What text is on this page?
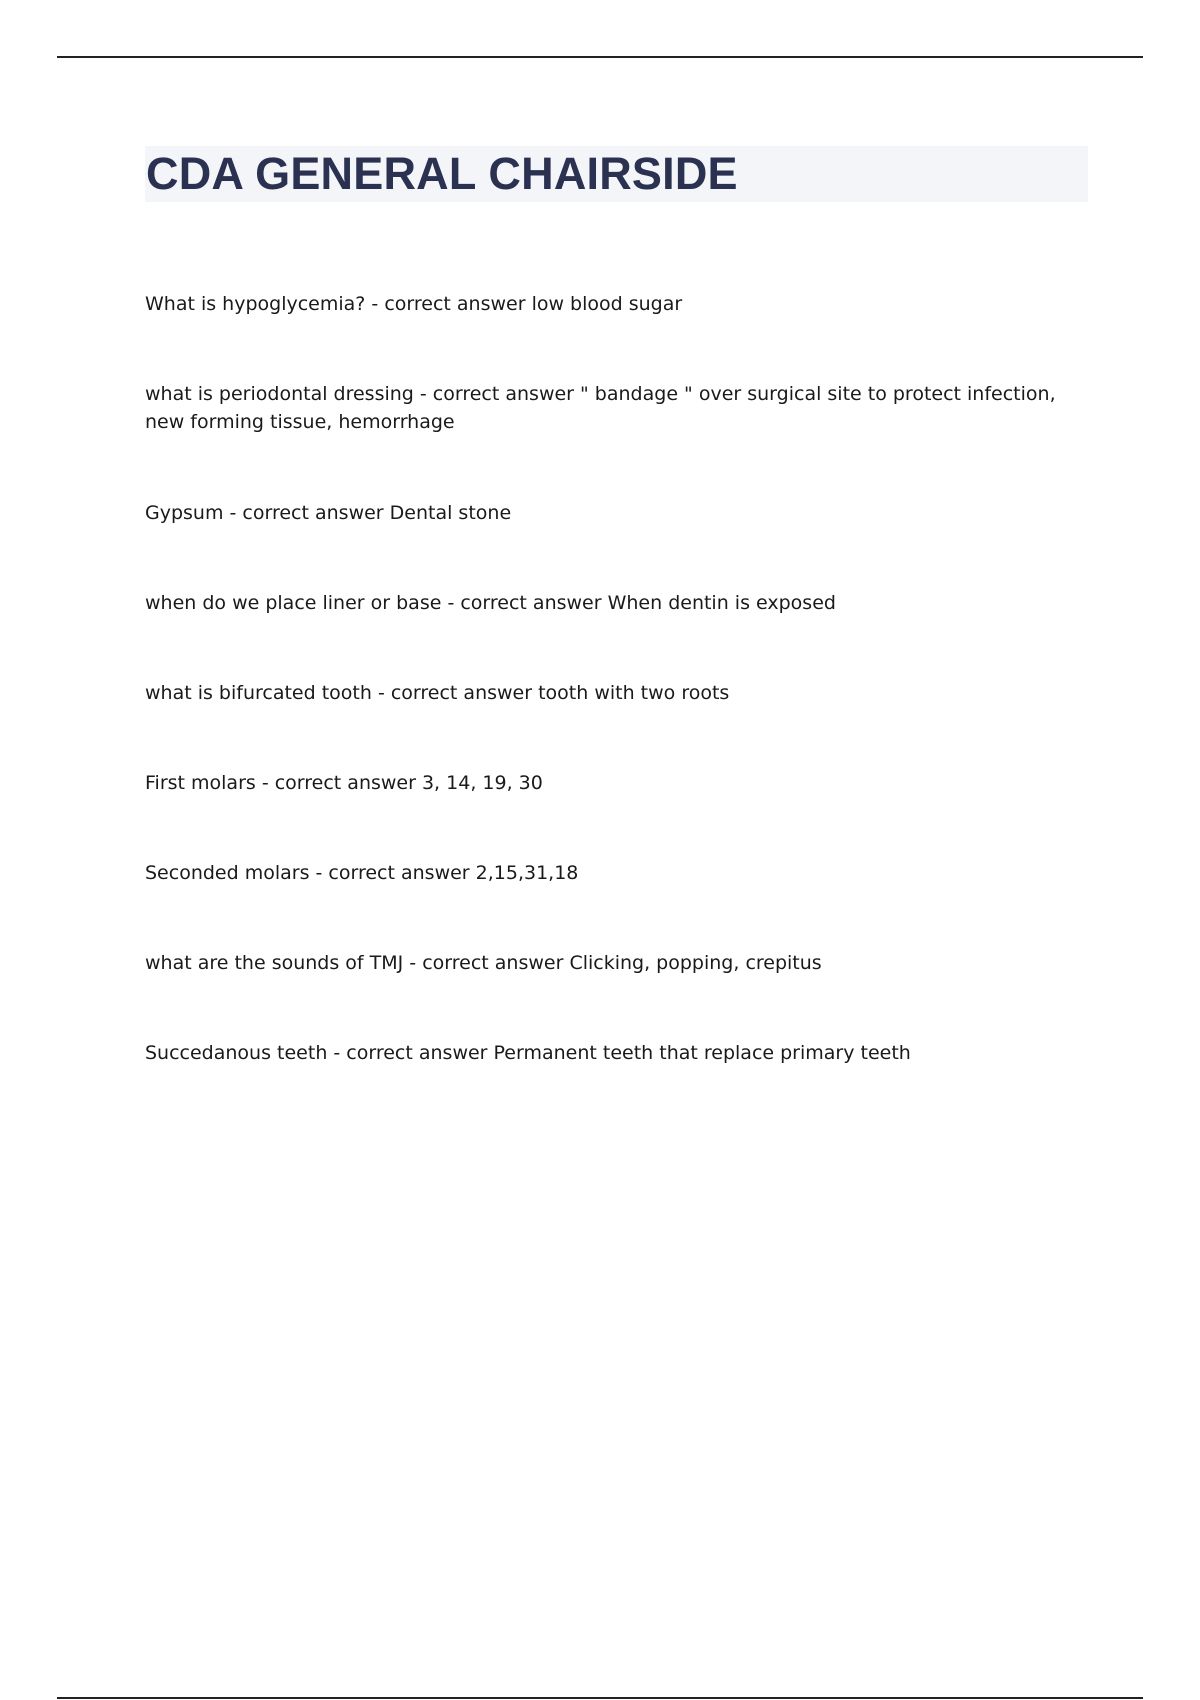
CDA GENERAL CHAIRSIDE
What is hypoglycemia? - correct answer low blood sugar
what is periodontal dressing - correct answer " bandage " over surgical site to protect infection, new forming tissue, hemorrhage
Gypsum - correct answer Dental stone
when do we place liner or base - correct answer When dentin is exposed
what is bifurcated tooth - correct answer tooth with two roots
First molars - correct answer 3, 14, 19, 30
Seconded molars - correct answer 2,15,31,18
what are the sounds of TMJ - correct answer Clicking, popping, crepitus
Succedanous teeth - correct answer Permanent teeth that replace primary teeth
